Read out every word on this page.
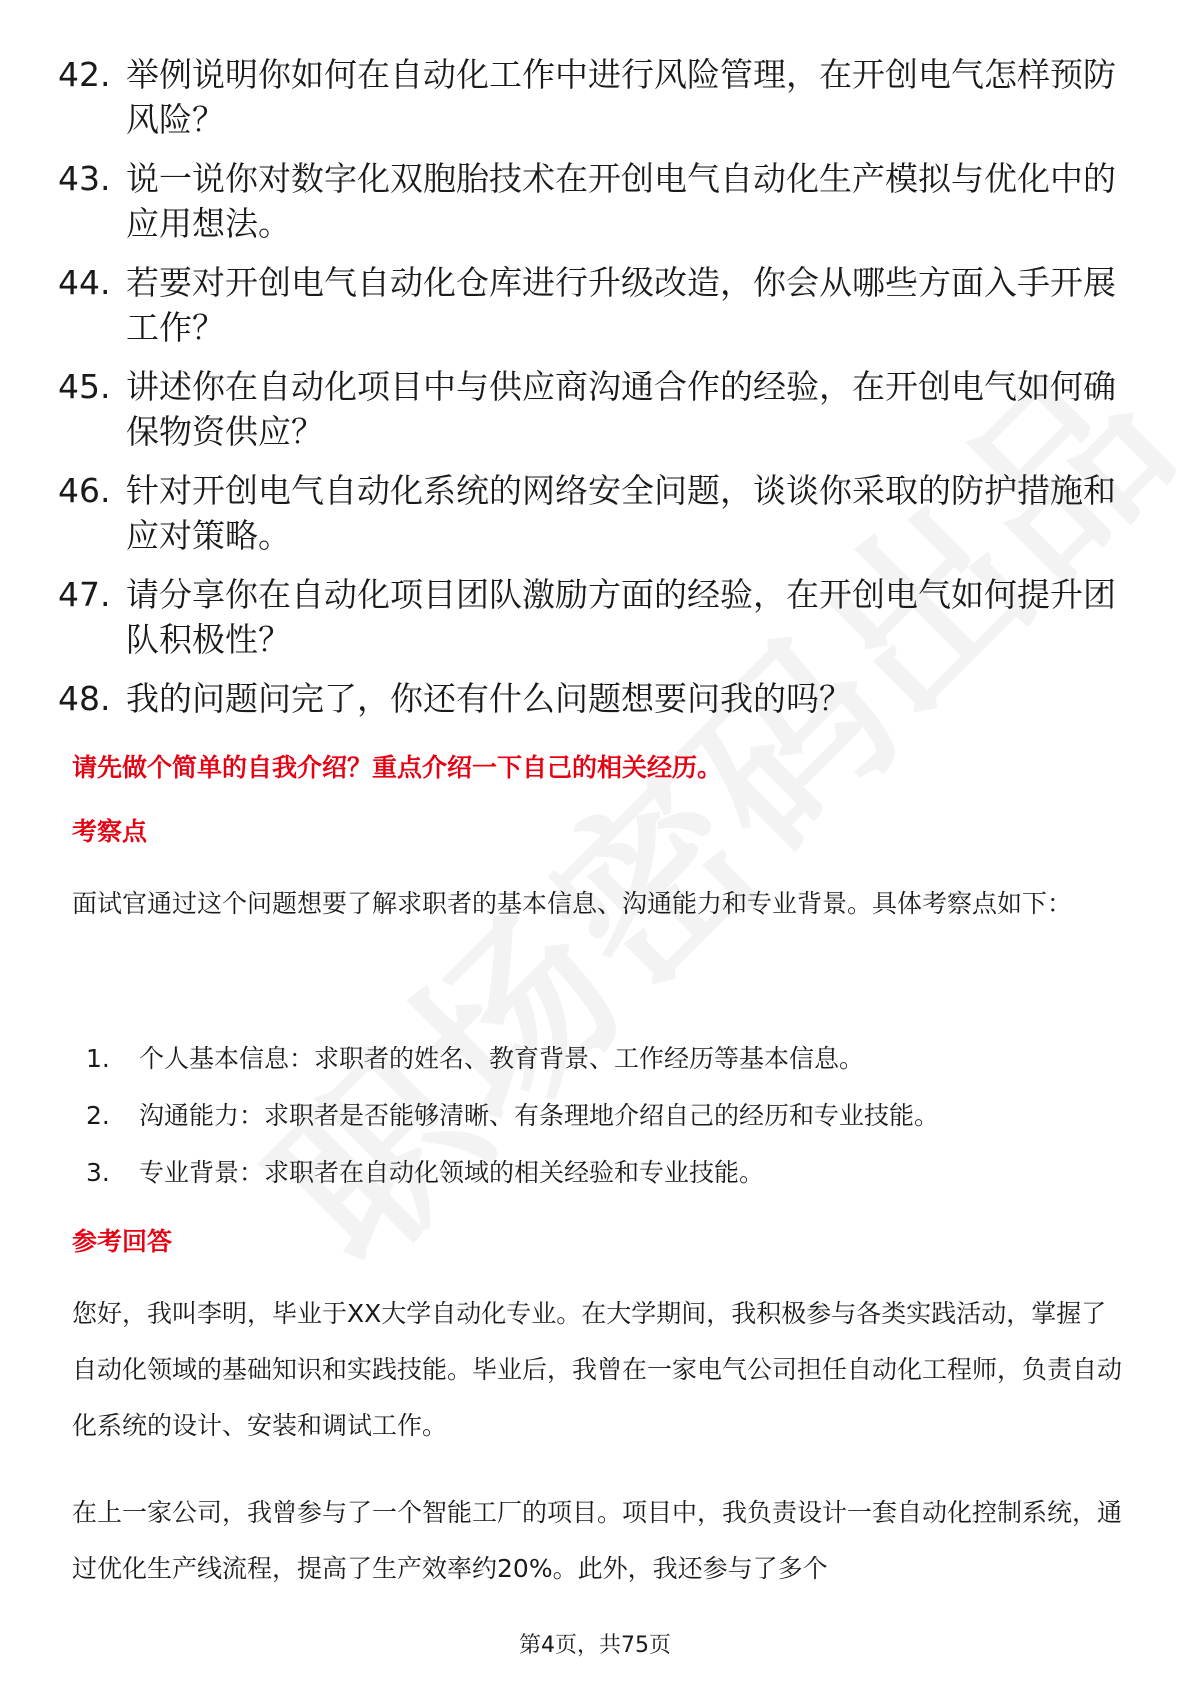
42. 举例说明你如何在自动化工作中进行风险管理，在开创电气怎样预防风险？
43. 说一说你对数字化双胞胎技术在开创电气自动化生产模拟与优化中的应用想法。
44. 若要对开创电气自动化仓库进行升级改造，你会从哪些方面入手开展工作？
45. 讲述你在自动化项目中与供应商沟通合作的经验，在开创电气如何确保物资供应？
46. 针对开创电气自动化系统的网络安全问题，谈谈你采取的防护措施和应对策略。
47. 请分享你在自动化项目团队激励方面的经验，在开创电气如何提升团队积极性？
48. 我的问题问完了，你还有什么问题想要问我的吗？
请先做个简单的自我介绍？重点介绍一下自己的相关经历。
考察点
面试官通过这个问题想要了解求职者的基本信息、沟通能力和专业背景。具体考察点如下：
1.	个人基本信息：求职者的姓名、教育背景、工作经历等基本信息。
2.	沟通能力：求职者是否能够清晰、有条理地介绍自己的经历和专业技能。
3.	专业背景：求职者在自动化领域的相关经验和专业技能。
参考回答
您好，我叫李明，毕业于XX大学自动化专业。在大学期间，我积极参与各类实践活动，掌握了自动化领域的基础知识和实践技能。毕业后，我曾在一家电气公司担任自动化工程师，负责自动化系统的设计、安装和调试工作。
在上一家公司，我曾参与了一个智能工厂的项目。项目中，我负责设计一套自动化控制系统，通过优化生产线流程，提高了生产效率约20%。此外，我还参与了多个
第4页，共75页
